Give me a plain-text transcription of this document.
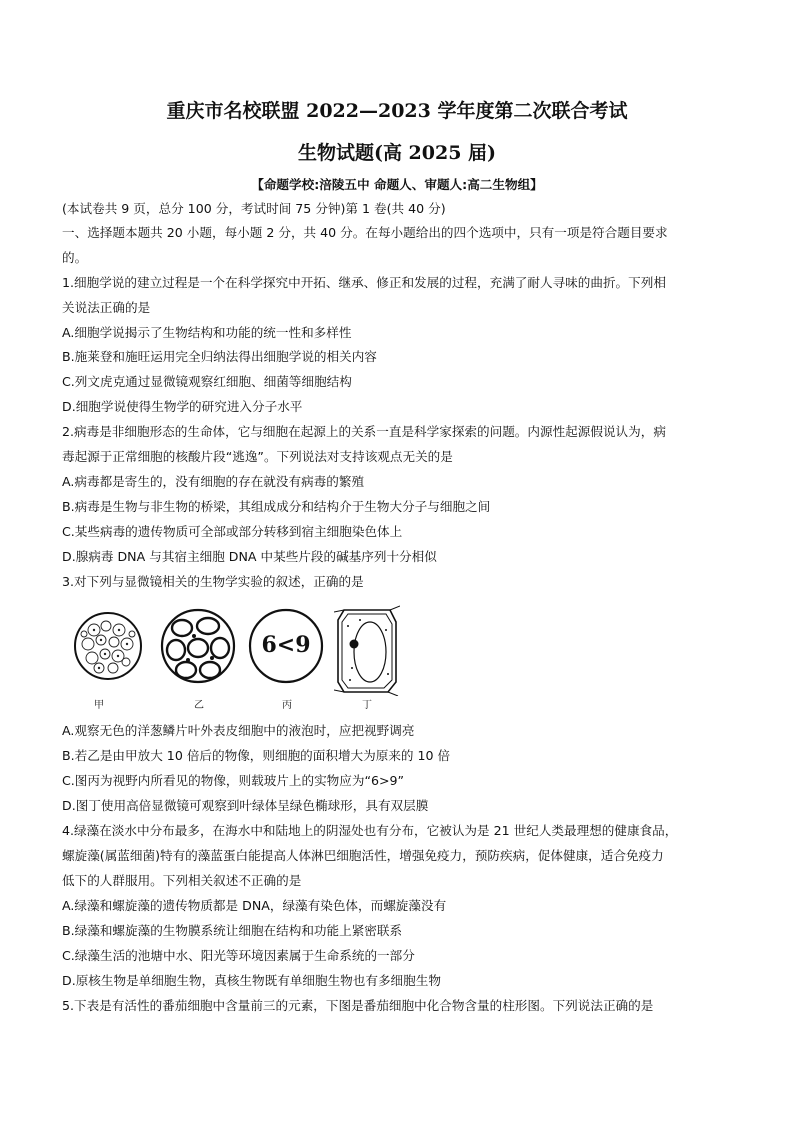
重庆市名校联盟 2022—2023 学年度第二次联合考试
生物试题(高 2025 届)
【命题学校:涪陵五中 命题人、审题人:高二生物组】
(本试卷共 9 页，总分 100 分，考试时间 75 分钟)第 1 卷(共 40 分)
一、选择题本题共 20 小题，每小题 2 分，共 40 分。在每小题给出的四个选项中，只有一项是符合题目要求
的。
1.细胞学说的建立过程是一个在科学探究中开拓、继承、修正和发展的过程，充满了耐人寻味的曲折。下列相
关说法正确的是
A.细胞学说揭示了生物结构和功能的统一性和多样性
B.施莱登和施旺运用完全归纳法得出细胞学说的相关内容
C.列文虎克通过显微镜观察红细胞、细菌等细胞结构
D.细胞学说使得生物学的研究进入分子水平
2.病毒是非细胞形态的生命体，它与细胞在起源上的关系一直是科学家探索的问题。内源性起源假说认为，病
毒起源于正常细胞的核酸片段“逃逸”。下列说法对支持该观点无关的是
A.病毒都是寄生的，没有细胞的存在就没有病毒的繁殖
B.病毒是生物与非生物的桥梁，其组成成分和结构介于生物大分子与细胞之间
C.某些病毒的遗传物质可全部或部分转移到宿主细胞染色体上
D.腺病毒 DNA 与其宿主细胞 DNA 中某些片段的碱基序列十分相似
3.对下列与显微镜相关的生物学实验的叙述，正确的是
甲	乙
6<9
丙	丁
A.观察无色的洋葱鳞片叶外表皮细胞中的液泡时，应把视野调亮
B.若乙是由甲放大 10 倍后的物像，则细胞的面积增大为原来的 10 倍
C.图丙为视野内所看见的物像，则载玻片上的实物应为“6>9”
D.图丁使用高倍显微镜可观察到叶绿体呈绿色椭球形，具有双层膜
4.绿藻在淡水中分布最多，在海水中和陆地上的阴湿处也有分布，它被认为是 21 世纪人类最理想的健康食品，
螺旋藻(属蓝细菌)特有的藻蓝蛋白能提高人体淋巴细胞活性，增强免疫力，预防疾病，促体健康，适合免疫力
低下的人群服用。下列相关叙述不正确的是
A.绿藻和螺旋藻的遗传物质都是 DNA，绿藻有染色体，而螺旋藻没有
B.绿藻和螺旋藻的生物膜系统让细胞在结构和功能上紧密联系
C.绿藻生活的池塘中水、阳光等环境因素属于生命系统的一部分
D.原核生物是单细胞生物，真核生物既有单细胞生物也有多细胞生物
5.下表是有活性的番茄细胞中含量前三的元素，下图是番茄细胞中化合物含量的柱形图。下列说法正确的是
